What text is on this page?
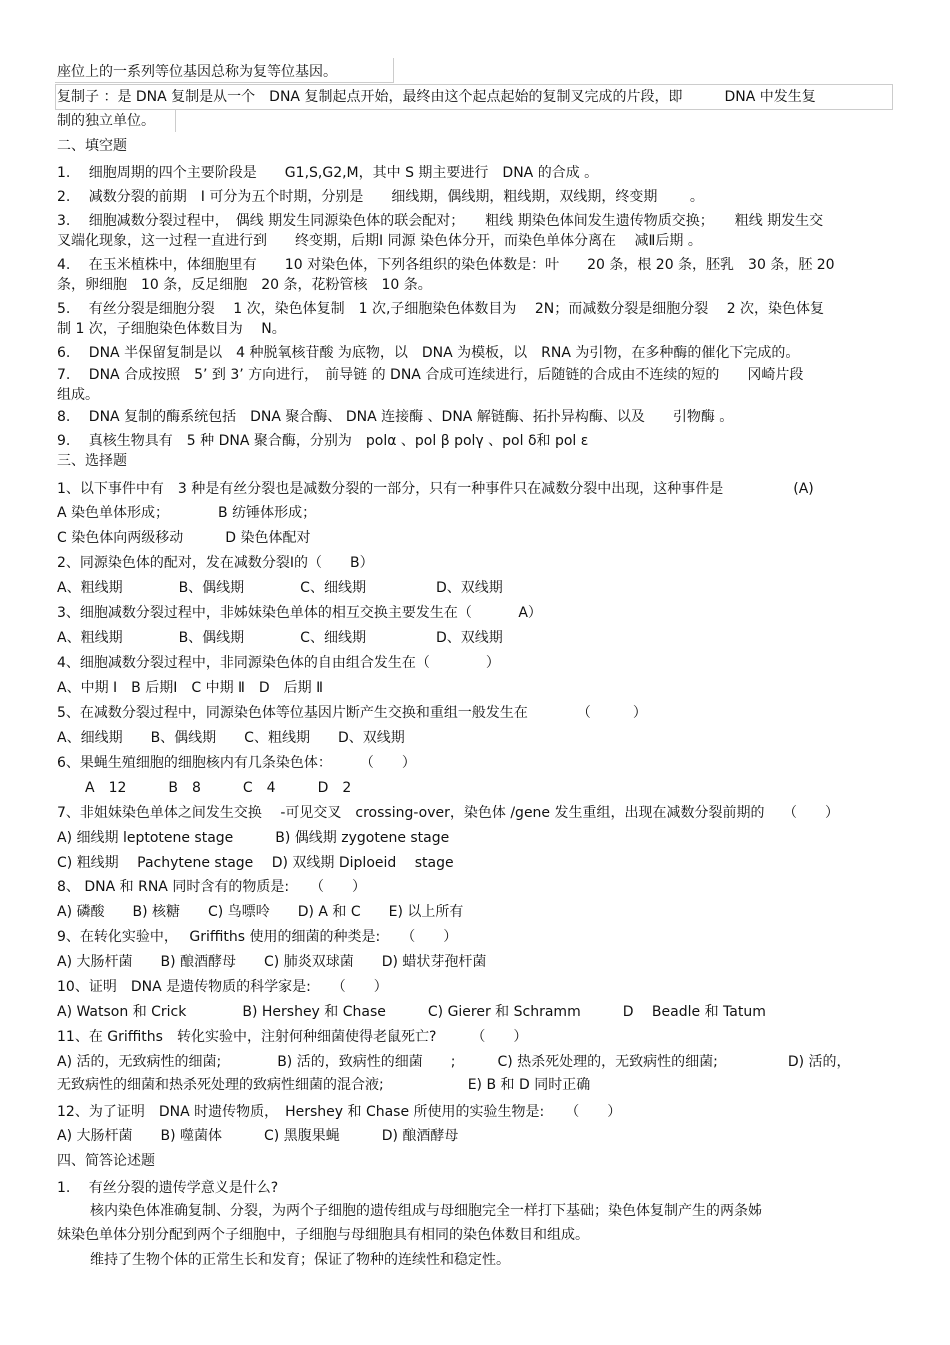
座位上的一系列等位基因总称为复等位基因。
复制子 ：是 DNA 复制是从一个　DNA 复制起点开始，最终由这个起点起始的复制叉完成的片段，即　　　DNA 中发生复
制的独立单位。
二、填空题
1.　 细胞周期的四个主要阶段是　　G1,S,G2,M，其中 S 期主要进行　DNA 的合成 。
2.　 减数分裂的前期　I 可分为五个时期，分别是　　细线期，偶线期，粗线期，双线期，终变期　　 。
3.　 细胞减数分裂过程中，　偶线 期发生同源染色体的联会配对；　　粗线 期染色体间发生遗传物质交换；　　粗线 期发生交
叉端化现象，这一过程一直进行到　　终变期，后期Ⅰ 同源 染色体分开，而染色单体分离在　 减Ⅱ后期 。
4.　 在玉米植株中，体细胞里有　　10 对染色体，下列各组织的染色体数是：叶　　20 条，根 20 条，胚乳　30 条，胚 20
条，卵细胞　10 条，反足细胞　20 条，花粉管核　10 条。
5.　 有丝分裂是细胞分裂　 1 次，染色体复制　1 次,子细胞染色体数目为　 2N；而减数分裂是细胞分裂　 2 次，染色体复
制 1 次，子细胞染色体数目为　 N。
6.　 DNA 半保留复制是以　4 种脱氧核苷酸 为底物，以　DNA 为模板，以　RNA 为引物，在多种酶的催化下完成的。
7.　 DNA 合成按照　5’ 到 3’ 方向进行，　前导链 的 DNA 合成可连续进行，后随链的合成由不连续的短的　　冈崎片段
组成。
8.　 DNA 复制的酶系统包括　DNA 聚合酶、 DNA 连接酶 、DNA 解链酶、拓扑异构酶、以及　　引物酶 。
9.　 真核生物具有　5 种 DNA 聚合酶，分别为　polα 、pol β polγ 、pol δ和 pol ε
三、选择题
1、以下事件中有　3 种是有丝分裂也是减数分裂的一部分，只有一种事件只在减数分裂中出现，这种事件是　　　　　(A)
A 染色单体形成；　　　　B 纺锤体形成；
C 染色体向两级移动　　　D 染色体配对
2、同源染色体的配对，发在减数分裂Ⅰ的（　　B）
A、粗线期　　　　B、偶线期　　　　C、细线期　　　　　D、双线期
3、细胞减数分裂过程中，非姊妹染色单体的相互交换主要发生在（　　　 A）
A、粗线期　　　　B、偶线期　　　　C、细线期　　　　　D、双线期
4、细胞减数分裂过程中，非同源染色体的自由组合发生在（　　　　）
A、中期 Ⅰ　B 后期Ⅰ　C 中期 Ⅱ　D　后期 Ⅱ
5、在减数分裂过程中，同源染色体等位基因片断产生交换和重组一般发生在　　　　（　　　）
A、细线期　　B、偶线期　　C、粗线期　　D、双线期
6、果蝇生殖细胞的细胞核内有几条染色体：　　　（　　）
　　A　12　　　B　8　　　C　4　　　D　2
7、非姐妹染色单体之间发生交换　 -可见交叉　crossing-over，染色体 /gene 发生重组，出现在减数分裂前期的　 （　　）
A) 细线期 leptotene stage　　　B) 偶线期 zygotene stage
C) 粗线期　 Pachytene stage　 D) 双线期 Diploeid　 stage
8、 DNA 和 RNA 同时含有的物质是:　　（　　）
A) 磷酸　　B) 核糖　　C) 鸟嘌呤　　D) A 和 C　　E) 以上所有
9、在转化实验中，　 Griffiths 使用的细菌的种类是:　　（　　）
A) 大肠杆菌　　B) 酿酒酵母　　C) 肺炎双球菌　　D) 蜡状芽孢杆菌
10、证明　DNA 是遗传物质的科学家是:　　（　　）
A) Watson 和 Crick　　　　B) Hershey 和 Chase　　　C) Gierer 和 Schramm　　　D　 Beadle 和 Tatum
11、在 Griffiths　转化实验中，注射何种细菌使得老鼠死亡?　　　（　　）
A) 活的，无致病性的细菌;　　　　B) 活的，致病性的细菌　　;　　　C) 热杀死处理的，无致病性的细菌;　　　　　D) 活的，
无致病性的细菌和热杀死处理的致病性细菌的混合液;　　　　　　E) B 和 D 同时正确
12、为了证明　DNA 时遗传物质，　Hershey 和 Chase 所使用的实验生物是:　　（　　）
A) 大肠杆菌　　B) 噬菌体　　　C) 黑腹果蝇　　　D) 酿酒酵母
四、简答论述题
1.　 有丝分裂的遗传学意义是什么?
核内染色体准确复制、分裂，为两个子细胞的遗传组成与母细胞完全一样打下基础；染色体复制产生的两条姊
妹染色单体分别分配到两个子细胞中，子细胞与母细胞具有相同的染色体数目和组成。
维持了生物个体的正常生长和发育；保证了物种的连续性和稳定性。
